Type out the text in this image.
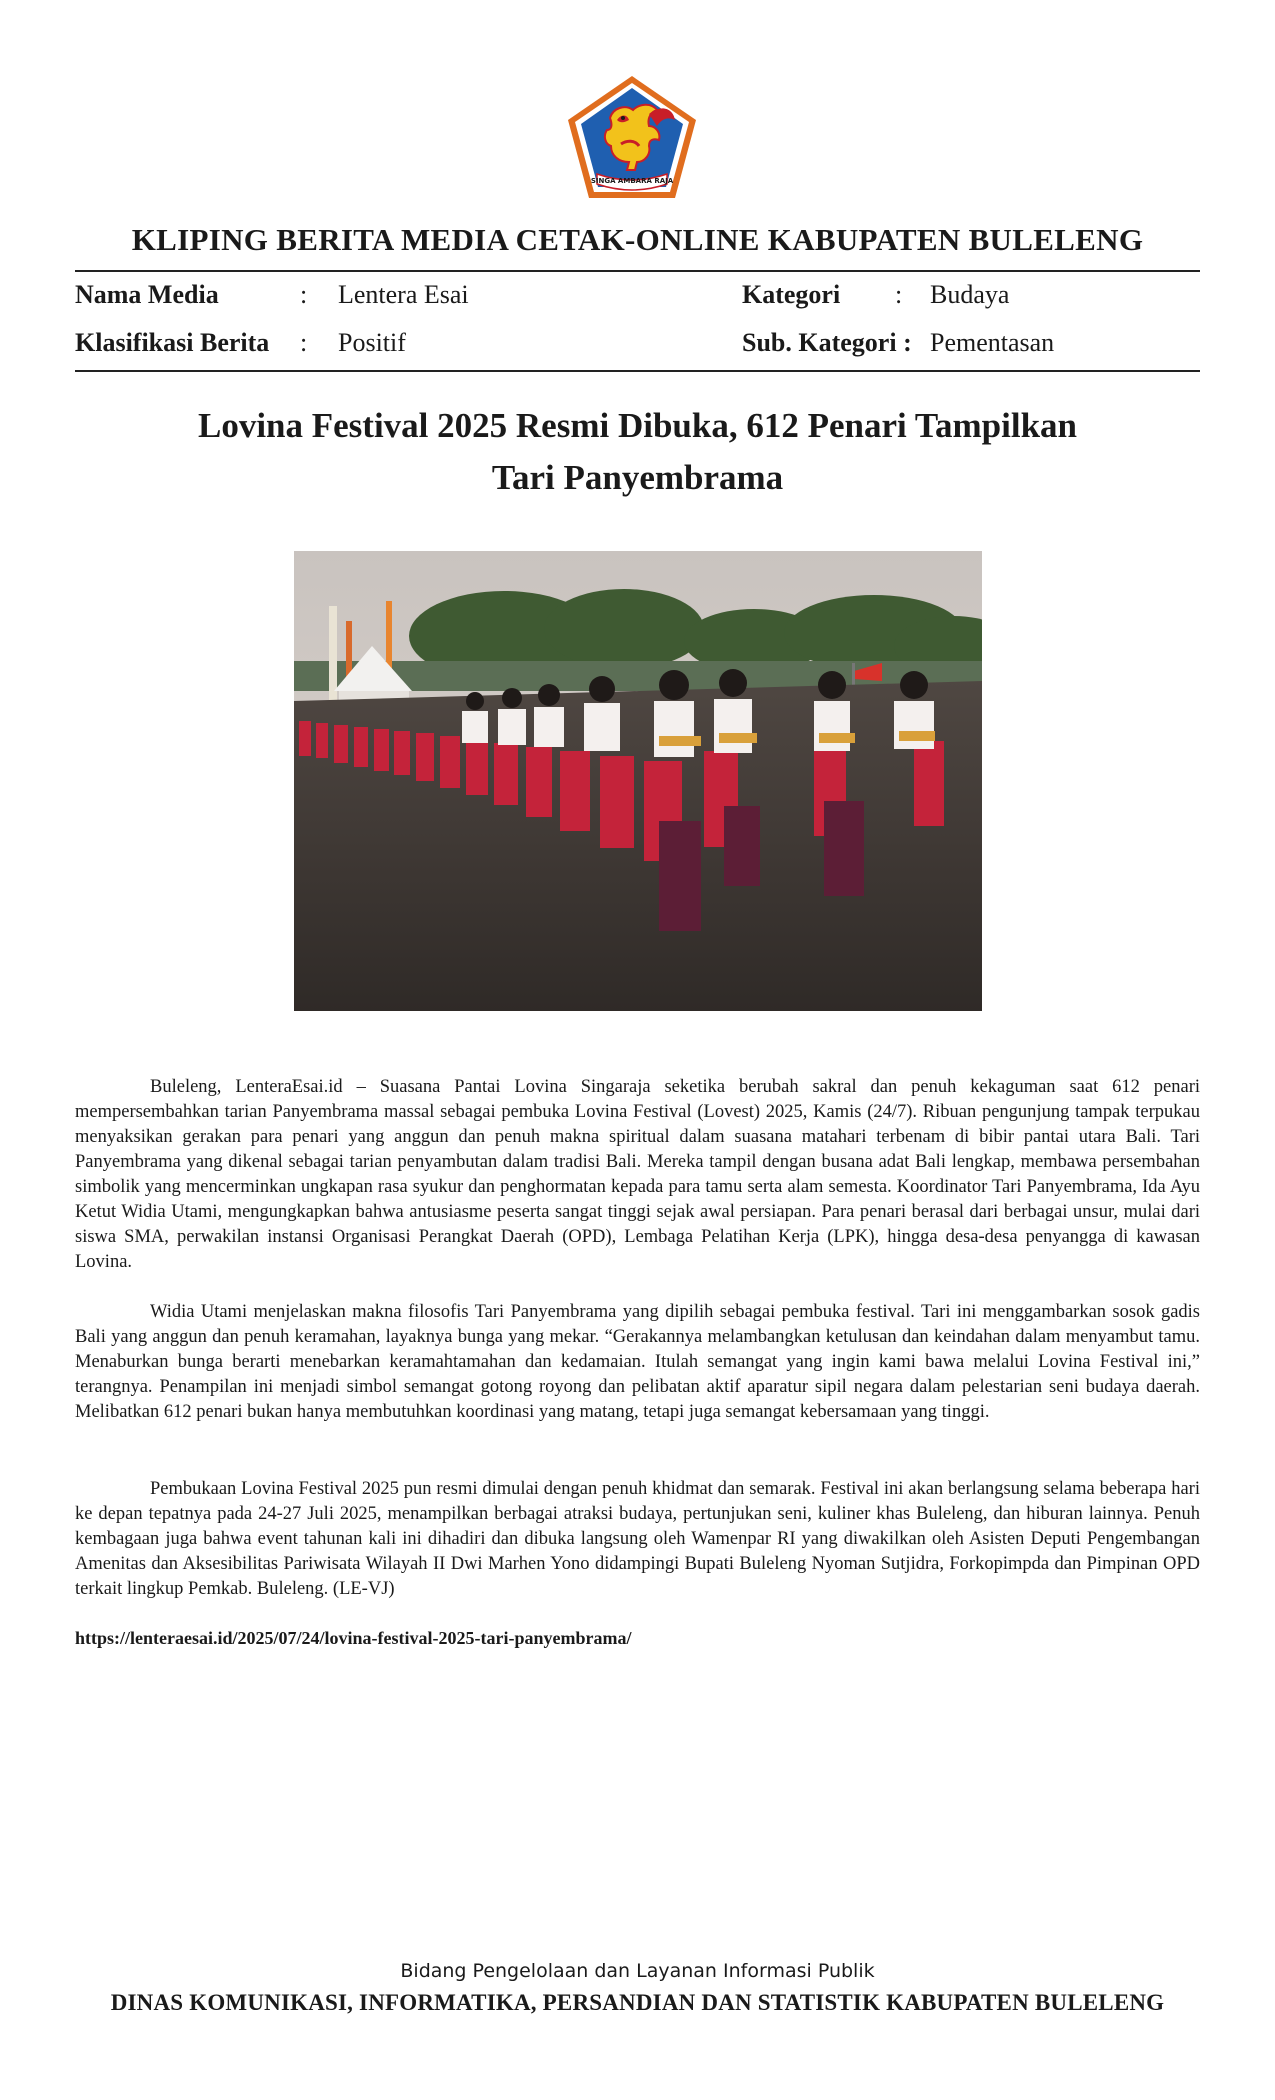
SINGA AMBARA RAJA
KLIPING BERITA MEDIA CETAK-ONLINE KABUPATEN BULELENG
Nama Media	: Lentera Esai
Klasifikasi Berita : Positif
Kategori : Budaya
Sub. Kategori : Pementasan
Lovina Festival 2025 Resmi Dibuka, 612 Penari Tampilkan
Tari Panyembrama

Buleleng, LenteraEsai.id – Suasana Pantai Lovina Singaraja seketika berubah sakral dan penuh kekaguman saat 612 penari mempersembahkan tarian Panyembrama massal sebagai pembuka Lovina Festival (Lovest) 2025, Kamis (24/7). Ribuan pengunjung tampak terpukau menyaksikan gerakan para penari yang anggun dan penuh makna spiritual dalam suasana matahari terbenam di bibir pantai utara Bali. Tari Panyembrama yang dikenal sebagai tarian penyambutan dalam tradisi Bali. Mereka tampil dengan busana adat Bali lengkap, membawa persembahan simbolik yang mencerminkan ungkapan rasa syukur dan penghormatan kepada para tamu serta alam semesta. Koordinator Tari Panyembrama, Ida Ayu Ketut Widia Utami, mengungkapkan bahwa antusiasme peserta sangat tinggi sejak awal persiapan. Para penari berasal dari berbagai unsur, mulai dari siswa SMA, perwakilan instansi Organisasi Perangkat Daerah (OPD), Lembaga Pelatihan Kerja (LPK), hingga desa-desa penyangga di kawasan Lovina.

Widia Utami menjelaskan makna filosofis Tari Panyembrama yang dipilih sebagai pembuka festival. Tari ini menggambarkan sosok gadis Bali yang anggun dan penuh keramahan, layaknya bunga yang mekar. “Gerakannya melambangkan ketulusan dan keindahan dalam menyambut tamu. Menaburkan bunga berarti menebarkan keramahtamahan dan kedamaian. Itulah semangat yang ingin kami bawa melalui Lovina Festival ini,” terangnya. Penampilan ini menjadi simbol semangat gotong royong dan pelibatan aktif aparatur sipil negara dalam pelestarian seni budaya daerah. Melibatkan 612 penari bukan hanya membutuhkan koordinasi yang matang, tetapi juga semangat kebersamaan yang tinggi.

Pembukaan Lovina Festival 2025 pun resmi dimulai dengan penuh khidmat dan semarak. Festival ini akan berlangsung selama beberapa hari ke depan tepatnya pada 24-27 Juli 2025, menampilkan berbagai atraksi budaya, pertunjukan seni, kuliner khas Buleleng, dan hiburan lainnya. Penuh kembagaan juga bahwa event tahunan kali ini dihadiri dan dibuka langsung oleh Wamenpar RI yang diwakilkan oleh Asisten Deputi Pengembangan Amenitas dan Aksesibilitas Pariwisata Wilayah II Dwi Marhen Yono didampingi Bupati Buleleng Nyoman Sutjidra, Forkopimpda dan Pimpinan OPD terkait lingkup Pemkab. Buleleng. (LE-VJ)

https://lenteraesai.id/2025/07/24/lovina-festival-2025-tari-panyembrama/
Bidang Pengelolaan dan Layanan Informasi Publik
DINAS KOMUNIKASI, INFORMATIKA, PERSANDIAN DAN STATISTIK KABUPATEN BULELENG
